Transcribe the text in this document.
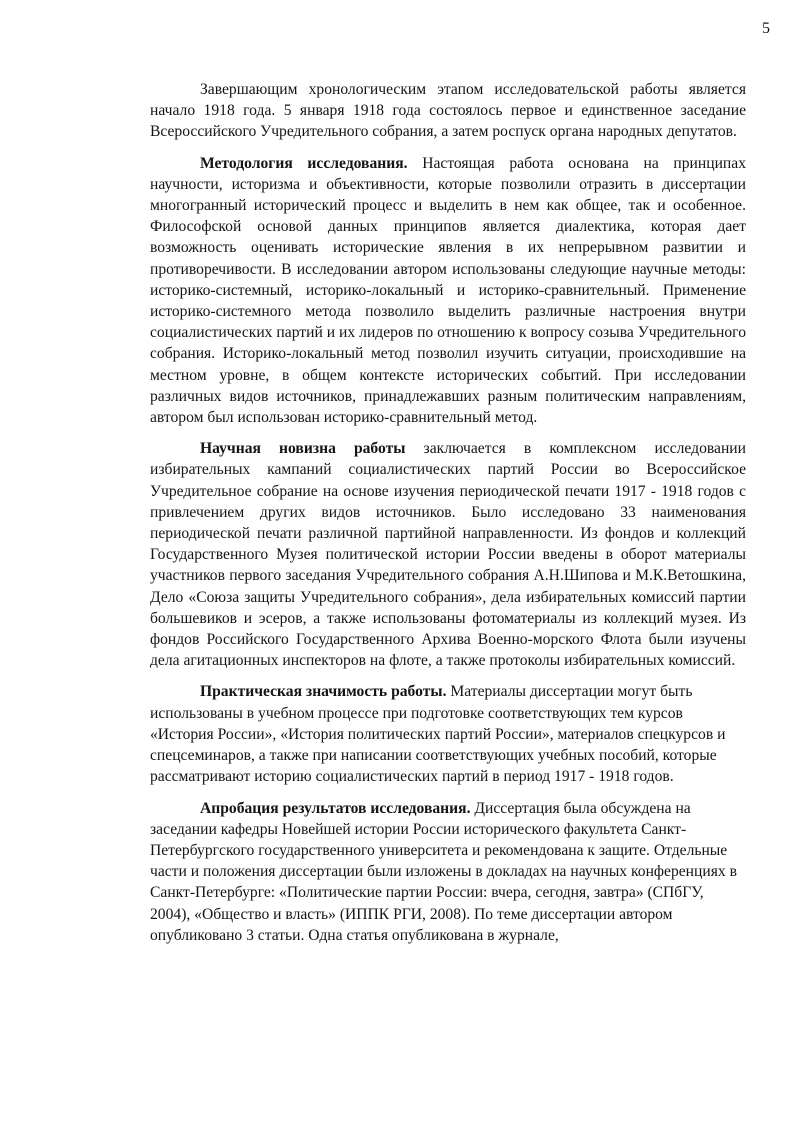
5

Завершающим хронологическим этапом исследовательской работы является начало 1918 года. 5 января 1918 года состоялось первое и единственное заседание Всероссийского Учредительного собрания, а затем роспуск органа народных депутатов.

Методология исследования. Настоящая работа основана на принципах научности, историзма и объективности, которые позволили отразить в диссертации многогранный исторический процесс и выделить в нем как общее, так и особенное. Философской основой данных принципов является диалектика, которая дает возможность оценивать исторические явления в их непрерывном развитии и противоречивости. В исследовании автором использованы следующие научные методы: историко-системный, историко-локальный и историко-сравнительный. Применение историко-системного метода позволило выделить различные настроения внутри социалистических партий и их лидеров по отношению к вопросу созыва Учредительного собрания. Историко-локальный метод позволил изучить ситуации, происходившие на местном уровне, в общем контексте исторических событий. При исследовании различных видов источников, принадлежавших разным политическим направлениям, автором был использован историко-сравнительный метод.

Научная новизна работы заключается в комплексном исследовании избирательных кампаний социалистических партий России во Всероссийское Учредительное собрание на основе изучения периодической печати 1917 - 1918 годов с привлечением других видов источников. Было исследовано 33 наименования периодической печати различной партийной направленности. Из фондов и коллекций Государственного Музея политической истории России введены в оборот материалы участников первого заседания Учредительного собрания А.Н.Шипова и М.К.Ветошкина, Дело «Союза защиты Учредительного собрания», дела избирательных комиссий партии большевиков и эсеров, а также использованы фотоматериалы из коллекций музея. Из фондов Российского Государственного Архива Военно-морского Флота были изучены дела агитационных инспекторов на флоте, а также протоколы избирательных комиссий.

Практическая значимость работы. Материалы диссертации могут быть использованы в учебном процессе при подготовке соответствующих тем курсов «История России», «История политических партий России», материалов спецкурсов и спецсеминаров, а также при написании соответствующих учебных пособий, которые рассматривают историю социалистических партий в период 1917 - 1918 годов.

Апробация результатов исследования. Диссертация была обсуждена на заседании кафедры Новейшей истории России исторического факультета Санкт-Петербургского государственного университета и рекомендована к защите. Отдельные части и положения диссертации были изложены в докладах на научных конференциях в Санкт-Петербурге: «Политические партии России: вчера, сегодня, завтра» (СПбГУ, 2004), «Общество и власть» (ИППК РГИ, 2008). По теме диссертации автором опубликовано 3 статьи. Одна статья опубликована в журнале,
